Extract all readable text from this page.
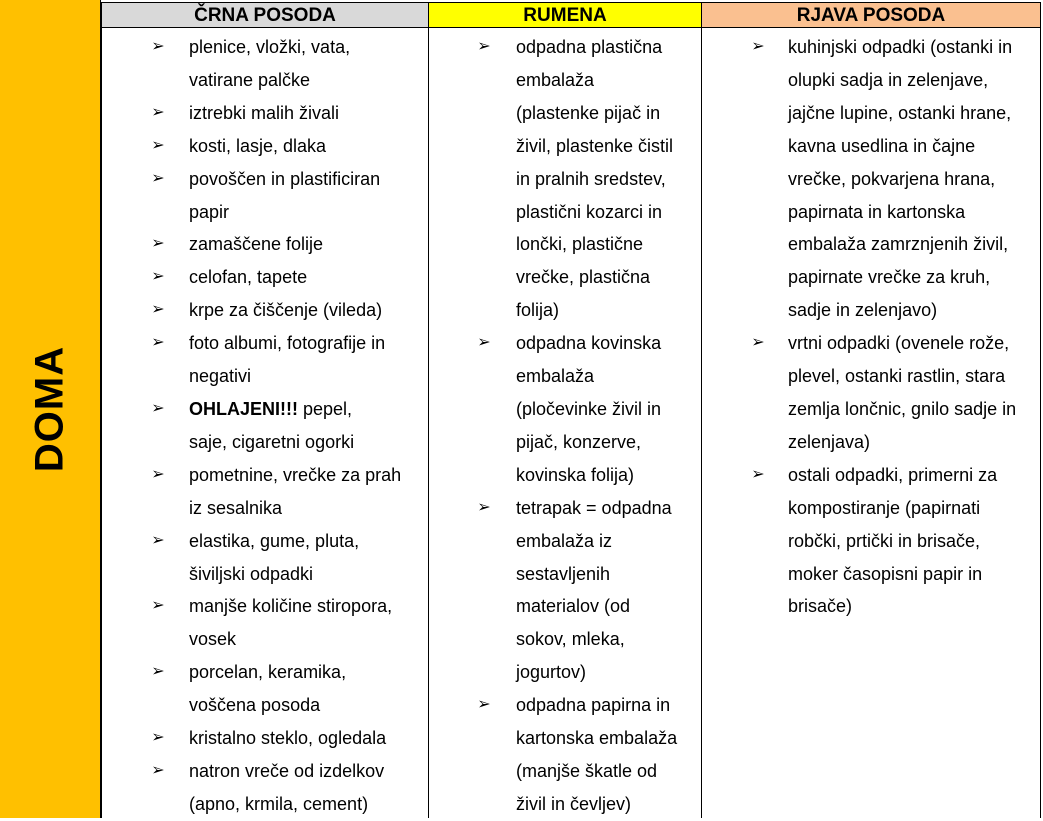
DOMA
ČRNA POSODA	RUMENA	RJAVA POSODA
➢ plenice, vložki, vata,
vatirane palčke
➢ iztrebki malih živali
➢ kosti, lasje, dlaka
➢ povoščen in plastificiran
papir
➢ zamaščene folije
➢ celofan, tapete
➢ krpe za čiščenje (vileda)
➢ foto albumi, fotografije in
negativi
➢ OHLAJENI!!! pepel,
saje, cigaretni ogorki
➢ pometnine, vrečke za prah
iz sesalnika
➢ elastika, gume, pluta,
šiviljski odpadki
➢ manjše količine stiropora,
vosek
➢ porcelan, keramika,
voščena posoda
➢ kristalno steklo, ogledala
➢ natron vreče od izdelkov
(apno, krmila, cement)
➢ odpadna plastična
embalaža
(plastenke pijač in
živil, plastenke čistil
in pralnih sredstev,
plastični kozarci in
lončki, plastične
vrečke, plastična
folija)
➢ odpadna kovinska
embalaža
(pločevinke živil in
pijač, konzerve,
kovinska folija)
➢ tetrapak = odpadna
embalaža iz
sestavljenih
materialov (od
sokov, mleka,
jogurtov)
➢ odpadna papirna in
kartonska embalaža
(manjše škatle od
živil in čevljev)
➢ kuhinjski odpadki (ostanki in
olupki sadja in zelenjave,
jajčne lupine, ostanki hrane,
kavna usedlina in čajne
vrečke, pokvarjena hrana,
papirnata in kartonska
embalaža zamrznjenih živil,
papirnate vrečke za kruh,
sadje in zelenjavo)
➢ vrtni odpadki (ovenele rože,
plevel, ostanki rastlin, stara
zemlja lončnic, gnilo sadje in
zelenjava)
➢ ostali odpadki, primerni za
kompostiranje (papirnati
robčki, prtički in brisače,
moker časopisni papir in
brisače)
